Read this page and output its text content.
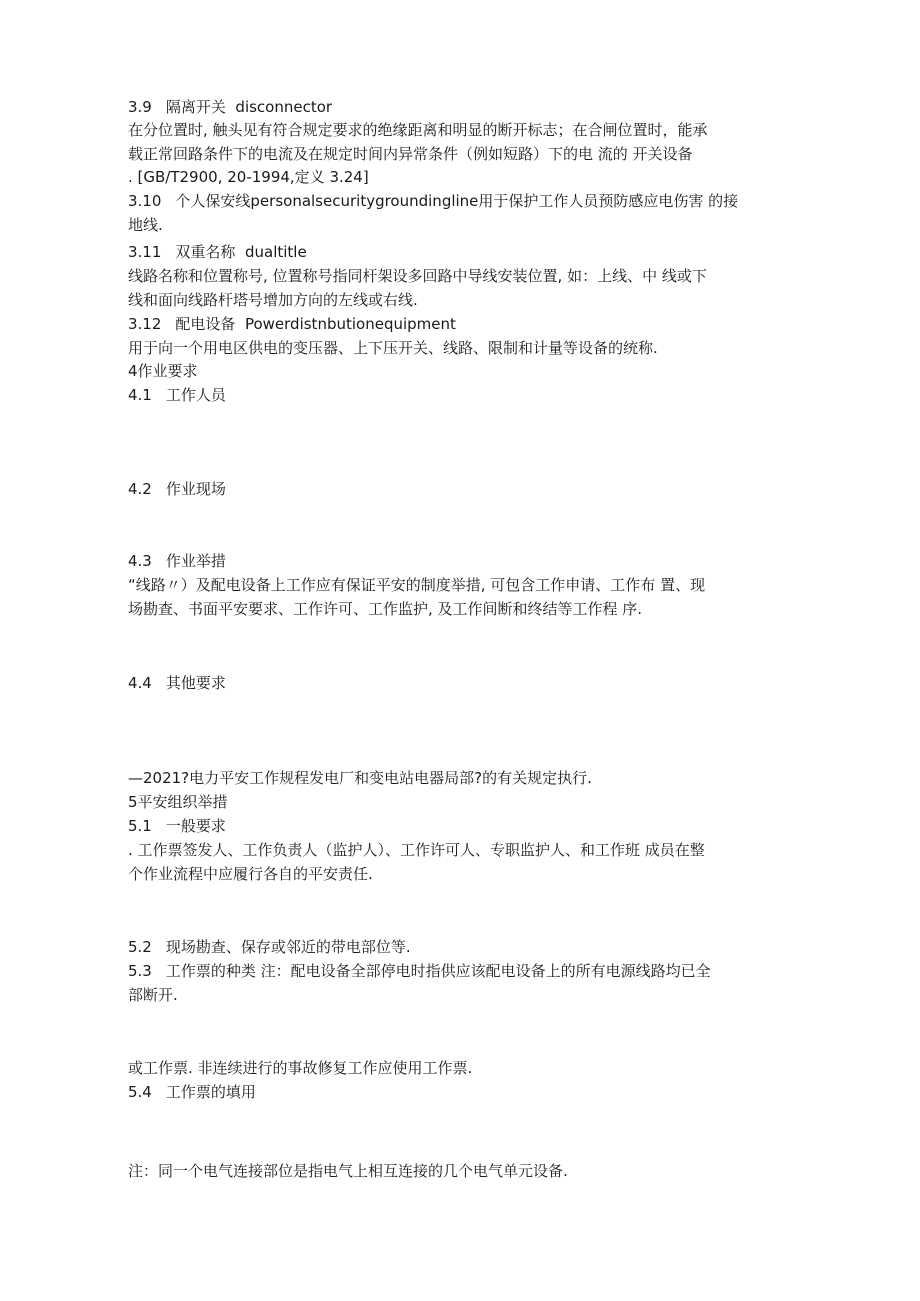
3.9 隔离开关 disconnector
在分位置时, 触头见有符合规定要求的绝缘距离和明显的断开标志；在合闸位置时，能承
载正常回路条件下的电流及在规定时间内异常条件（例如短路）下的电 流的 开关设备
. [GB/T2900, 20-1994,定义 3.24]
3.10 个人保安线personalsecuritygroundingline用于保护工作人员预防感应电伤害 的接
地线.
3.11 双重名称 dualtitle
线路名称和位置称号, 位置称号指同杆架设多回路中导线安装位置, 如：上线、中 线或下
线和面向线路杆塔号增加方向的左线或右线.
3.12 配电设备 Powerdistnbutionequipment
用于向一个用电区供电的变压器、上下压开关、线路、限制和计量等设备的统称.
4作业要求
4.1 工作人员
4.2 作业现场
4.3 作业举措
“线路〃）及配电设备上工作应有保证平安的制度举措, 可包含工作申请、工作布 置、现
场勘查、书面平安要求、工作许可、工作监护, 及工作间断和终结等工作程 序.
4.4 其他要求
—2021?电力平安工作规程发电厂和变电站电器局部?的有关规定执行.
5平安组织举措
5.1 一般要求
. 工作票签发人、工作负责人（监护人）、工作许可人、专职监护人、和工作班 成员在整
个作业流程中应履行各自的平安责任.
5.2 现场勘查、保存或邻近的带电部位等.
5.3 工作票的种类 注：配电设备全部停电时指供应该配电设备上的所有电源线路均已全
部断开.
或工作票. 非连续进行的事故修复工作应使用工作票.
5.4 工作票的填用
注：同一个电气连接部位是指电气上相互连接的几个电气单元设备.
